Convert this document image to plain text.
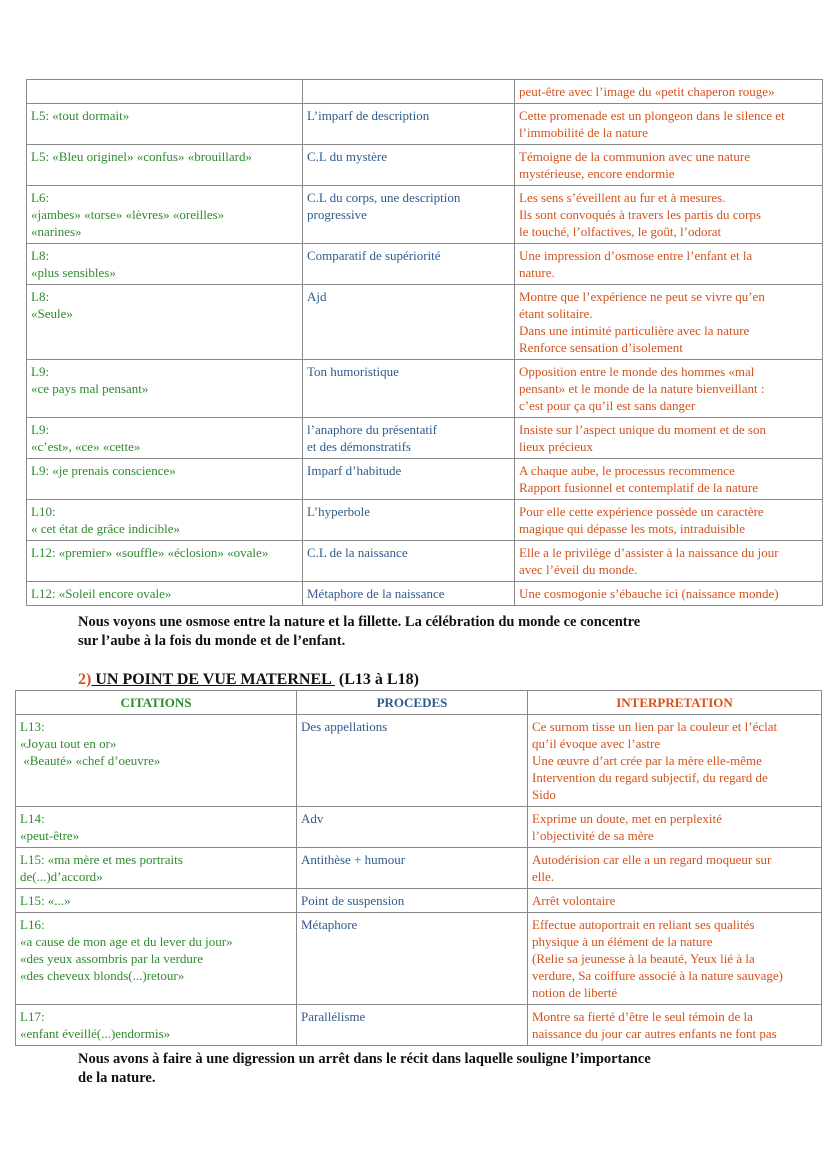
		peut-être avec l’image du «petit chaperon rouge»

L5: «tout dormait»	L’imparf de description	Cette promenade est un plongeon dans le silence et
l’immobilité de la nature

L5: «Bleu originel» «confus» «brouillard»	C.L du mystère	Témoigne de la communion avec une nature
mystérieuse, encore endormie

L6:
«jambes» «torse» «lèvres» «oreilles»
«narines»	C.L du corps, une description
progressive	Les sens s’éveillent au fur et à mesures.
Ils sont convoqués à travers les partis du corps
le touché, l’olfactives, le goût, l’odorat

L8:
«plus sensibles»	Comparatif de supériorité	Une impression d’osmose entre l’enfant et la
nature.

L8:
«Seule»	Ajd	Montre que l’expérience ne peut se vivre qu’en
étant solitaire.
Dans une intimité particulière avec la nature
Renforce sensation d’isolement

L9:
«ce pays mal pensant»	Ton humoristique	Opposition entre le monde des hommes «mal
pensant» et le monde de la nature bienveillant :
c’est pour ça qu’il est sans danger

L9:
«c’est», «ce» «cette»	l’anaphore du présentatif
et des démonstratifs	Insiste sur l’aspect unique du moment et de son
lieux précieux

L9: «je prenais conscience»	Imparf d’habitude	A chaque aube, le processus recommence
Rapport fusionnel et contemplatif de la nature

L10:
« cet état de grâce indicible»	L’hyperbole	Pour elle cette expérience possède un caractère
magique qui dépasse les mots, intraduisible

L12: «premier» «souffle» «éclosion» «ovale»	C.L de la naissance	Elle a le privilège d’assister à la naissance du jour
avec l’éveil du monde.

L12: «Soleil encore ovale»	Métaphore de la naissance	Une cosmogonie s’ébauche ici (naissance monde)
Nous voyons une osmose entre la nature et la fillette. La célébration du monde ce concentre
sur l’aube à la fois du monde et de l’enfant.
2) UN POINT DE VUE MATERNEL  (L13 à L18)
CITATIONS	PROCEDES	INTERPRETATION

L13:
«Joyau tout en or»
«Beauté» «chef d’oeuvre»	Des appellations	Ce surnom tisse un lien par la couleur et l’éclat
qu’il évoque avec l’astre
Une œuvre d’art crée par la mère elle-même
Intervention du regard subjectif, du regard de
Sido

L14:
«peut-être»	Adv	Exprime un doute, met en perplexité
l’objectivité de sa mère

L15: «ma mère et mes portraits
de(...)d’accord»	Antithèse + humour	Autodérision car elle a un regard moqueur sur
elle.

L15: «...»	Point de suspension	Arrêt volontaire

L16:
«a cause de mon age et du lever du jour»
«des yeux assombris par la verdure
«des cheveux blonds(...)retour»	Métaphore	Effectue autoportrait en reliant ses qualités
physique à un élément de la nature
(Relie sa jeunesse à la beauté, Yeux lié à la
verdure, Sa coiffure associé à la nature sauvage)
notion de liberté

L17:
«enfant éveillé(...)endormis»	Parallélisme	Montre sa fierté d’être le seul témoin de la
naissance du jour car autres enfants ne font pas
Nous avons à faire à une digression un arrêt dans le récit dans laquelle souligne l’importance
de la nature.
